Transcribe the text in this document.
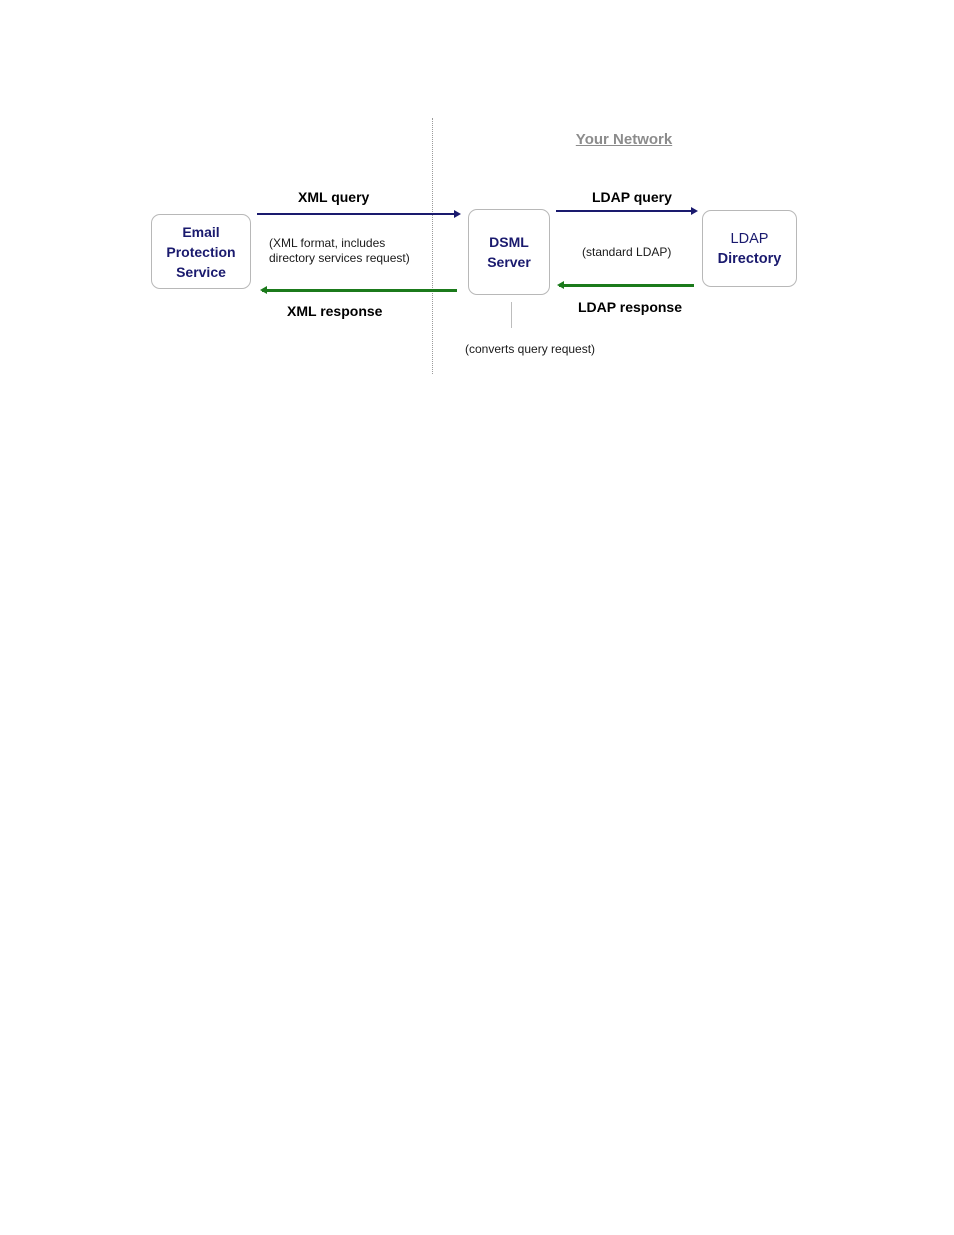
Your Network
Email
Protection
Service
DSML
Server
LDAP
Directory
XML query
XML response
LDAP query
LDAP response
(XML format, includes
directory services request)	(standard LDAP)
(converts query request)
